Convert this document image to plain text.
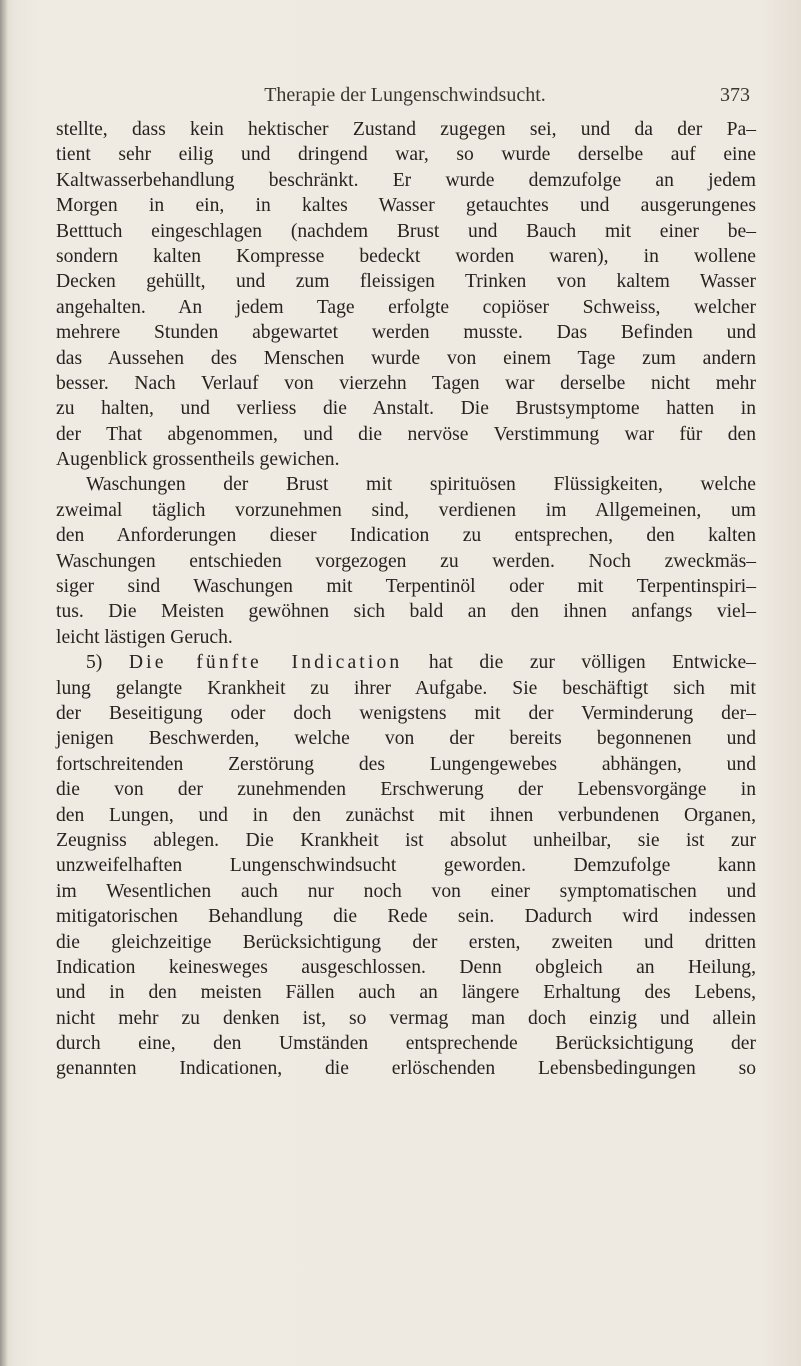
Therapie der Lungenschwindsucht.	373
stellte, dass kein hektischer Zustand zugegen sei, und da der Pa–
tient sehr eilig und dringend war, so wurde derselbe auf eine
Kaltwasserbehandlung beschränkt. Er wurde demzufolge an jedem
Morgen in ein, in kaltes Wasser getauchtes und ausgerungenes
Betttuch eingeschlagen (nachdem Brust und Bauch mit einer be–
sondern kalten Kompresse bedeckt worden waren), in wollene
Decken gehüllt, und zum fleissigen Trinken von kaltem Wasser
angehalten. An jedem Tage erfolgte copiöser Schweiss, welcher
mehrere Stunden abgewartet werden musste. Das Befinden und
das Aussehen des Menschen wurde von einem Tage zum andern
besser. Nach Verlauf von vierzehn Tagen war derselbe nicht mehr
zu halten, und verliess die Anstalt. Die Brustsymptome hatten in
der That abgenommen, und die nervöse Verstimmung war für den
Augenblick grossentheils gewichen.
Waschungen der Brust mit spirituösen Flüssigkeiten, welche
zweimal täglich vorzunehmen sind, verdienen im Allgemeinen, um
den Anforderungen dieser Indication zu entsprechen, den kalten
Waschungen entschieden vorgezogen zu werden. Noch zweckmäs–
siger sind Waschungen mit Terpentinöl oder mit Terpentinspiri–
tus. Die Meisten gewöhnen sich bald an den ihnen anfangs viel–
leicht lästigen Geruch.
5) Die fünfte Indication hat die zur völligen Entwicke–
lung gelangte Krankheit zu ihrer Aufgabe. Sie beschäftigt sich mit
der Beseitigung oder doch wenigstens mit der Verminderung der–
jenigen Beschwerden, welche von der bereits begonnenen und
fortschreitenden Zerstörung des Lungengewebes abhängen, und
die von der zunehmenden Erschwerung der Lebensvorgänge in
den Lungen, und in den zunächst mit ihnen verbundenen Organen,
Zeugniss ablegen. Die Krankheit ist absolut unheilbar, sie ist zur
unzweifelhaften Lungenschwindsucht geworden. Demzufolge kann
im Wesentlichen auch nur noch von einer symptomatischen und
mitigatorischen Behandlung die Rede sein. Dadurch wird indessen
die gleichzeitige Berücksichtigung der ersten, zweiten und dritten
Indication keinesweges ausgeschlossen. Denn obgleich an Heilung,
und in den meisten Fällen auch an längere Erhaltung des Lebens,
nicht mehr zu denken ist, so vermag man doch einzig und allein
durch eine, den Umständen entsprechende Berücksichtigung der
genannten Indicationen, die erlöschenden Lebensbedingungen so
